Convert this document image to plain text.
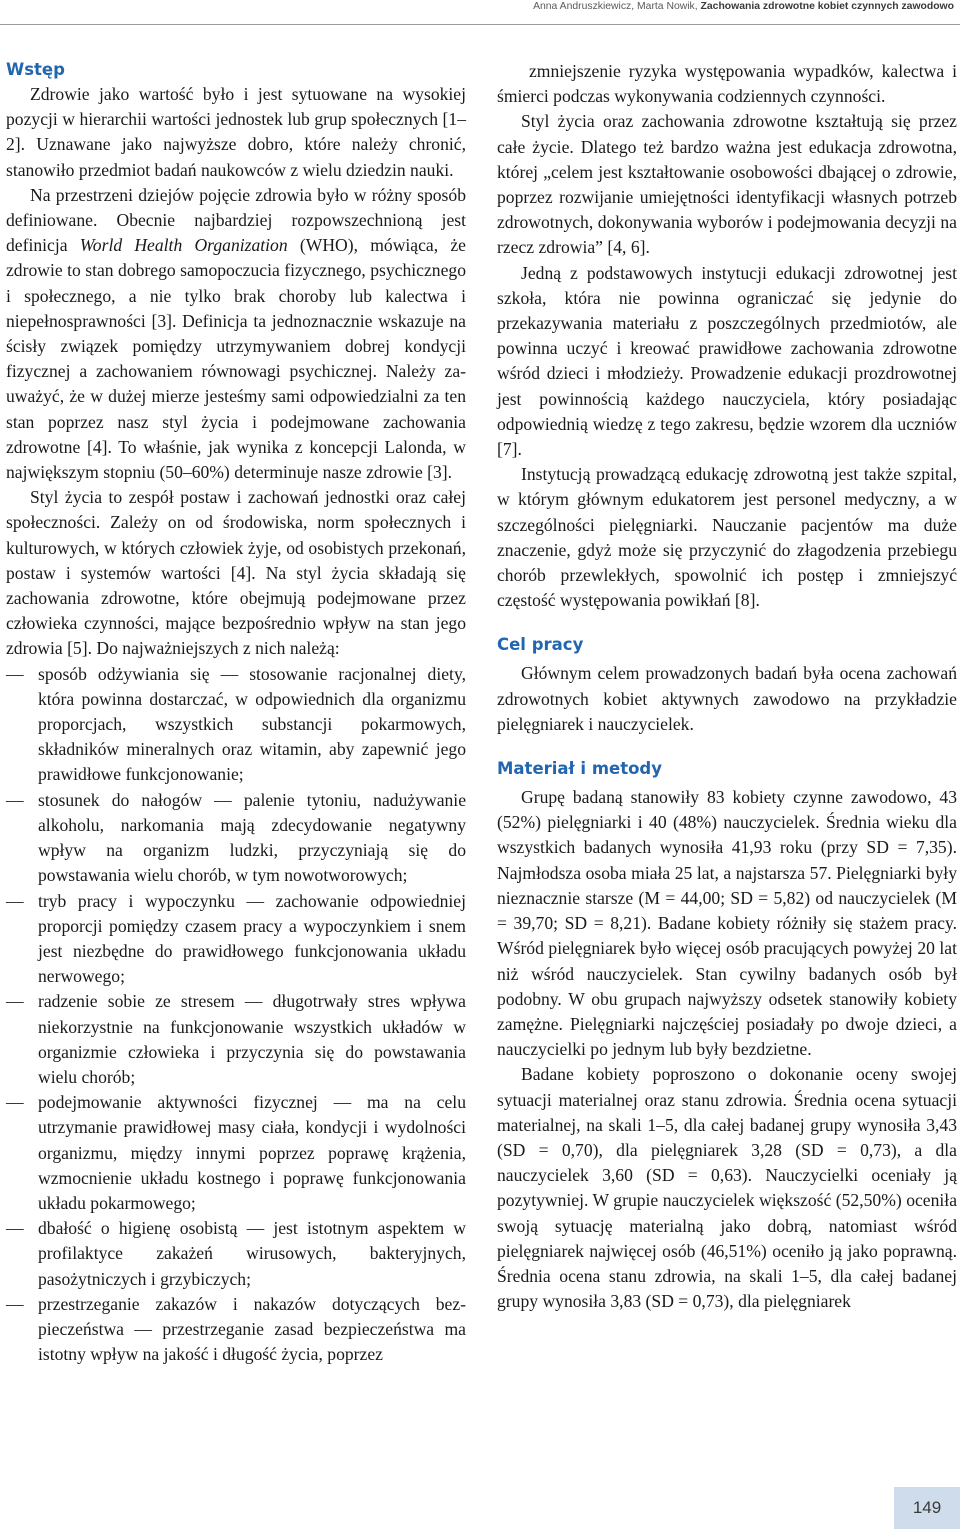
Anna Andruszkiewicz, Marta Nowik, Zachowania zdrowotne kobiet czynnych zawodowo
Wstęp

Zdrowie jako wartość było i jest sytuowane na wysokiej pozycji w hierarchii wartości jednostek lub grup społecznych [1–2]. Uznawane jako najwyższe dobro, które należy chronić, stanowiło przedmiot badań naukowców z wielu dziedzin nauki.

Na przestrzeni dziejów pojęcie zdrowia było w różny sposób definiowane. Obecnie najbardziej rozpowszechnioną jest definicja World Health Organization (WHO), mówiąca, że zdrowie to stan dobrego samopoczucia fizycznego, psychicznego i społecznego, a nie tylko brak choroby lub kalectwa i niepełnosprawności [3]. Definicja ta jednoznacznie wskazuje na ścisły związek pomiędzy utrzymywaniem dobrej kondycji fizycznej a zachowaniem równowagi psychicznej. Należy zauważyć, że w dużej mierze jesteśmy sami odpowiedzialni za ten stan poprzez nasz styl życia i podejmowane zachowania zdrowotne [4]. To właśnie, jak wynika z koncepcji Lalonda, w największym stopniu (50–60%) determinuje nasze zdrowie [3].

Styl życia to zespół postaw i zachowań jednostki oraz całej społeczności. Zależy on od środowiska, norm społecznych i kulturowych, w których człowiek żyje, od osobistych przekonań, postaw i systemów wartości [4]. Na styl życia składają się zachowania zdrowotne, które obejmują podejmowane przez człowieka czynności, mające bezpośrednio wpływ na stan jego zdrowia [5]. Do najważniejszych z nich należą:

— sposób odżywiania się — stosowanie racjonalnej diety, która powinna dostarczać, w odpowiednich dla organizmu proporcjach, wszystkich substancji pokarmowych, składników mineralnych oraz witamin, aby zapewnić jego prawidłowe funkcjonowanie;
— stosunek do nałogów — palenie tytoniu, nadużywanie alkoholu, narkomania mają zdecydowanie negatywny wpływ na organizm ludzki, przyczyniają się do powstawania wielu chorób, w tym nowotworowych;
— tryb pracy i wypoczynku — zachowanie odpowiedniej proporcji pomiędzy czasem pracy a wypoczynkiem i snem jest niezbędne do prawidłowego funkcjonowania układu nerwowego;
— radzenie sobie ze stresem — długotrwały stres wpływa niekorzystnie na funkcjonowanie wszystkich układów w organizmie człowieka i przyczynia się do powstawania wielu chorób;
— podejmowanie aktywności fizycznej — ma na celu utrzymanie prawidłowej masy ciała, kondycji i wydolności organizmu, między innymi poprzez poprawę krążenia, wzmocnienie układu kostnego i poprawę funkcjonowania układu pokarmowego;
— dbałość o higienę osobistą — jest istotnym aspektem w profilaktyce zakażeń wirusowych, bakteryjnych, pasożytniczych i grzybiczych;
— przestrzeganie zakazów i nakazów dotyczących bezpieczeństwa — przestrzeganie zasad bezpieczeństwa ma istotny wpływ na jakość i długość życia, poprzez

zmniejszenie ryzyka występowania wypadków, kalectwa i śmierci podczas wykonywania codziennych czynności.

Styl życia oraz zachowania zdrowotne kształtują się przez całe życie. Dlatego też bardzo ważna jest edukacja zdrowotna, której „celem jest kształtowanie osobowości dbającej o zdrowie, poprzez rozwijanie umiejętności identyfikacji własnych potrzeb zdrowotnych, dokonywania wyborów i podejmowania decyzji na rzecz zdrowia” [4, 6].

Jedną z podstawowych instytucji edukacji zdrowotnej jest szkoła, która nie powinna ograniczać się jedynie do przekazywania materiału z poszczególnych przedmiotów, ale powinna uczyć i kreować prawidłowe zachowania zdrowotne wśród dzieci i młodzieży. Prowadzenie edukacji prozdrowotnej jest powinnością każdego nauczyciela, który posiadając odpowiednią wiedzę z tego zakresu, będzie wzorem dla uczniów [7].

Instytucją prowadzącą edukację zdrowotną jest także szpital, w którym głównym edukatorem jest personel medyczny, a w szczególności pielęgniarki. Nauczanie pacjentów ma duże znaczenie, gdyż może się przyczynić do złagodzenia przebiegu chorób przewlekłych, spowolnić ich postęp i zmniejszyć częstość występowania powikłań [8].

Cel pracy

Głównym celem prowadzonych badań była ocena zachowań zdrowotnych kobiet aktywnych zawodowo na przykładzie pielęgniarek i nauczycielek.

Materiał i metody

Grupę badaną stanowiły 83 kobiety czynne zawodowo, 43 (52%) pielęgniarki i 40 (48%) nauczycielek. Średnia wieku dla wszystkich badanych wynosiła 41,93 roku (przy SD = 7,35). Najmłodsza osoba miała 25 lat, a najstarsza 57. Pielęgniarki były nieznacznie starsze (M = 44,00; SD = 5,82) od nauczycielek (M = 39,70; SD = 8,21). Badane kobiety różniły się stażem pracy. Wśród pielęgniarek było więcej osób pracujących powyżej 20 lat niż wśród nauczycielek. Stan cywilny badanych osób był podobny. W obu grupach najwyższy odsetek stanowiły kobiety zamężne. Pielęgniarki najczęściej posiadały po dwoje dzieci, a nauczycielki po jednym lub były bezdzietne.

Badane kobiety poproszono o dokonanie oceny swojej sytuacji materialnej oraz stanu zdrowia. Średnia ocena sytuacji materialnej, na skali 1–5, dla całej badanej grupy wynosiła 3,43 (SD = 0,70), dla pielęgniarek 3,28 (SD = 0,73), a dla nauczycielek 3,60 (SD = 0,63). Nauczycielki oceniały ją pozytywniej. W grupie nauczycielek większość (52,50%) oceniła swoją sytuację materialną jako dobrą, natomiast wśród pielęgniarek najwięcej osób (46,51%) oceniło ją jako poprawną. Średnia ocena stanu zdrowia, na skali 1–5, dla całej badanej grupy wynosiła 3,83 (SD = 0,73), dla pielęgniarek

149
